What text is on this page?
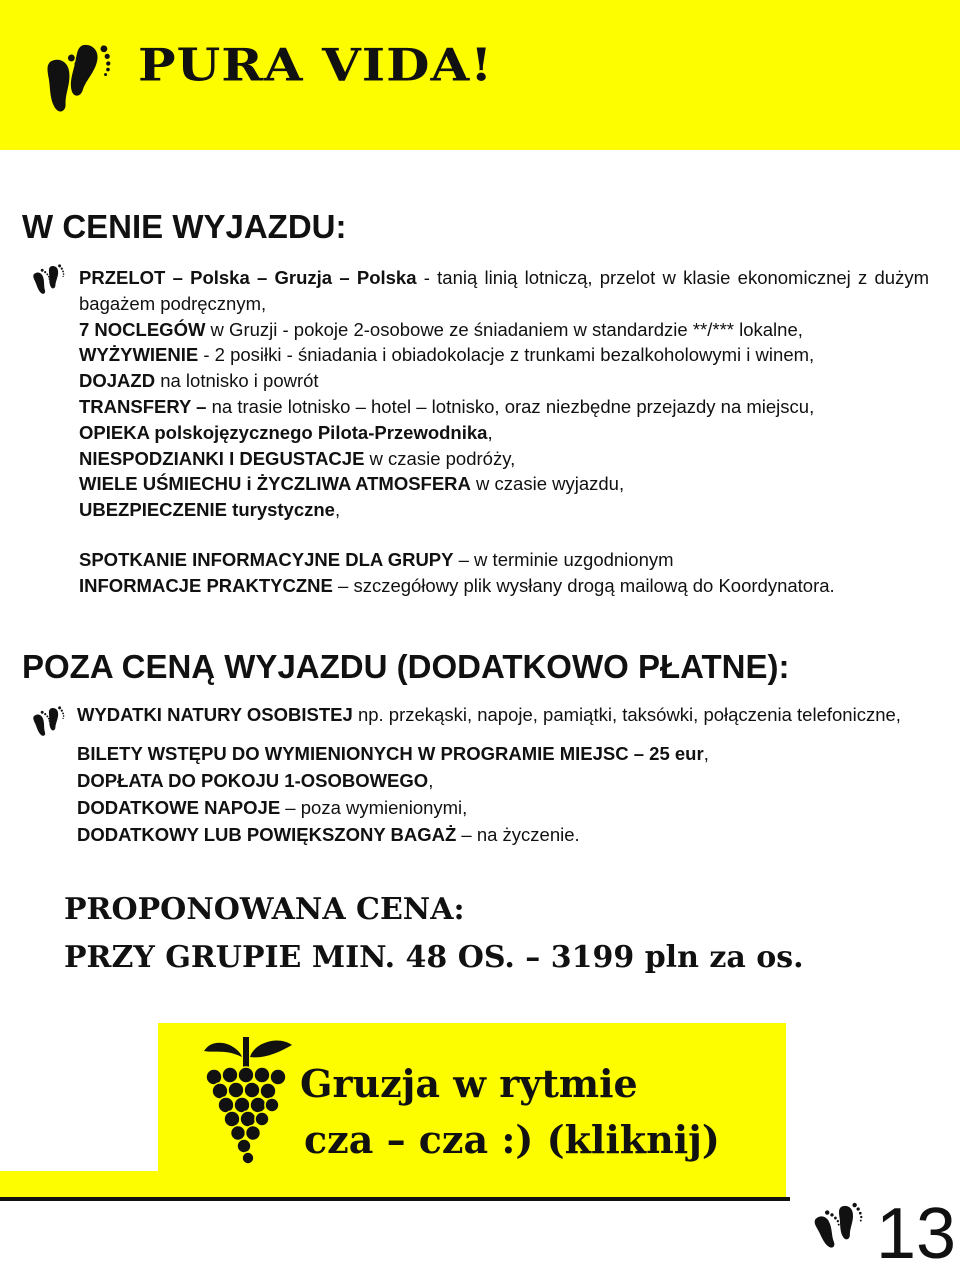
PURA VIDA!
W CENIE WYJAZDU:

PRZELOT – Polska – Gruzja – Polska - tanią linią lotniczą, przelot w klasie ekonomicznej z dużym bagażem podręcznym,

7 NOCLEGÓW w Gruzji - pokoje 2-osobowe ze śniadaniem w standardzie **/*** lokalne,

WYŻYWIENIE - 2 posiłki - śniadania i obiadokolacje z trunkami bezalkoholowymi i winem,

DOJAZD na lotnisko i powrót

TRANSFERY – na trasie lotnisko – hotel – lotnisko, oraz niezbędne przejazdy na miejscu,

OPIEKA polskojęzycznego Pilota-Przewodnika,

NIESPODZIANKI I DEGUSTACJE w czasie podróży,

WIELE UŚMIECHU i ŻYCZLIWA ATMOSFERA w czasie wyjazdu,

UBEZPIECZENIE turystyczne,

SPOTKANIE INFORMACYJNE DLA GRUPY – w terminie uzgodnionym

INFORMACJE PRAKTYCZNE – szczegółowy plik wysłany drogą mailową do Koordynatora.

POZA CENĄ WYJAZDU (DODATKOWO PŁATNE):

WYDATKI NATURY OSOBISTEJ np. przekąski, napoje, pamiątki, taksówki, połączenia telefoniczne,

BILETY WSTĘPU DO WYMIENIONYCH W PROGRAMIE MIEJSC – 25 eur,

DOPŁATA DO POKOJU 1-OSOBOWEGO,

DODATKOWE NAPOJE – poza wymienionymi,

DODATKOWY LUB POWIĘKSZONY BAGAŻ – na życzenie.

PROPONOWANA CENA:
PRZY GRUPIE MIN. 48 OS. – 3199 pln za os.
Gruzja w rytmie
cza – cza :) (kliknij)
13
